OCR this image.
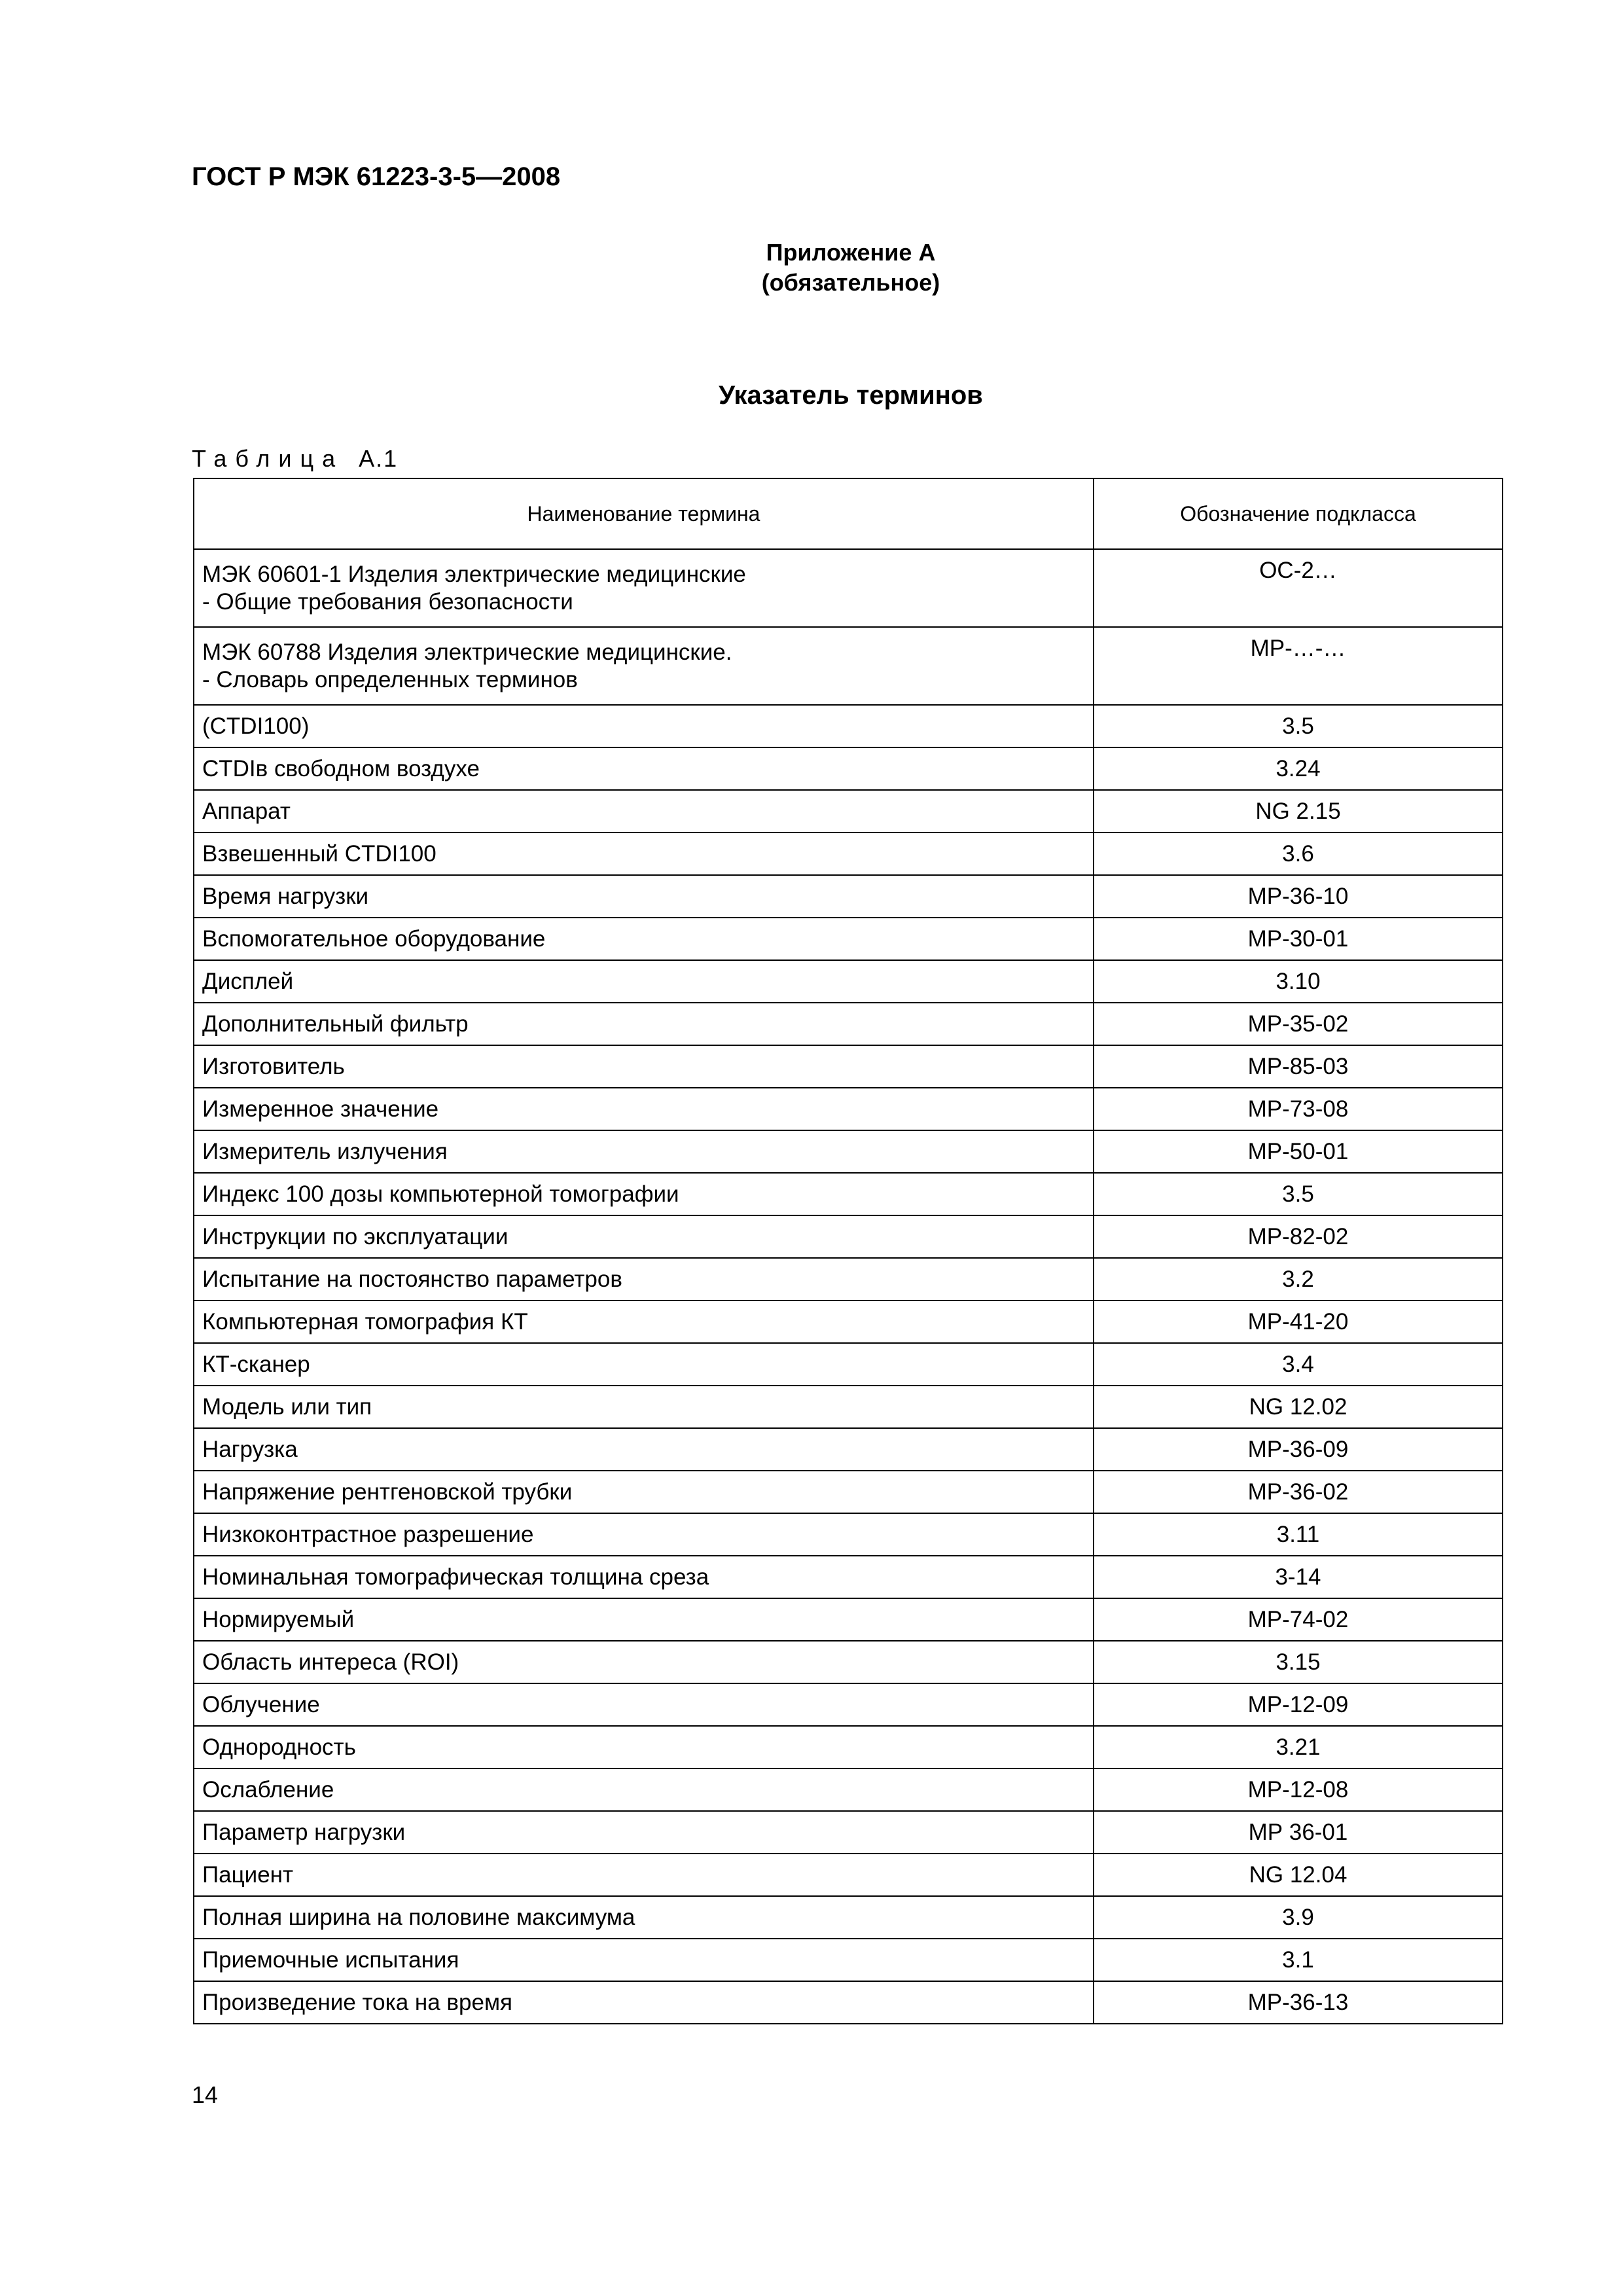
ГОСТ Р МЭК 61223-3-5—2008
Приложение А
(обязательное)
Указатель терминов
Таблица А.1
Наименование термина	Обозначение подкласса

МЭК 60601-1 Изделия электрические медицинские
- Общие требования безопасности	ОС-2…

МЭК 60788 Изделия электрические медицинские.
- Словарь определенных терминов	МР-…-…
(CTDI100)	3.5
CTDIв свободном воздухе	3.24
Аппарат	NG 2.15
Взвешенный CTDI100	3.6
Время нагрузки	МР-36-10
Вспомогательное оборудование	МР-30-01
Дисплей	3.10
Дополнительный фильтр	МР-35-02
Изготовитель	МР-85-03
Измеренное значение	МР-73-08
Измеритель излучения	МР-50-01
Индекс 100 дозы компьютерной томографии	3.5
Инструкции по эксплуатации	МР-82-02
Испытание на постоянство параметров	3.2
Компьютерная томография КТ	МР-41-20
КТ-сканер	3.4
Модель или тип	NG 12.02
Нагрузка	МР-36-09
Напряжение рентгеновской трубки	МР-36-02
Низкоконтрастное разрешение	3.11
Номинальная томографическая толщина среза	3-14
Нормируемый	МР-74-02
Область интереса (ROI)	3.15
Облучение	МР-12-09
Однородность	3.21
Ослабление	МР-12-08
Параметр нагрузки	МР 36-01
Пациент	NG 12.04
Полная ширина на половине максимума	3.9
Приемочные испытания	3.1
Произведение тока на время	МР-36-13
14
